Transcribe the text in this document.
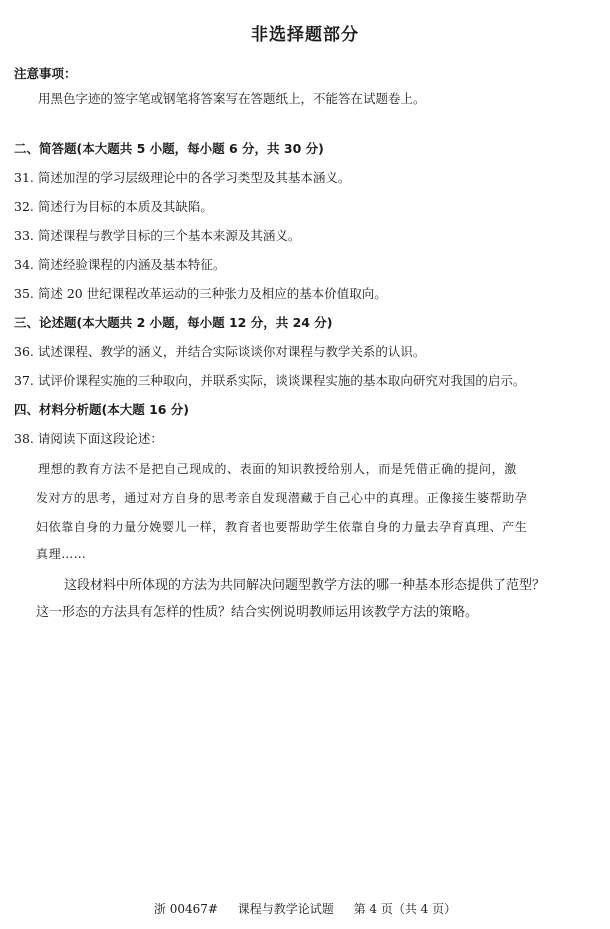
非选择题部分
注意事项：
用黑色字迹的签字笔或钢笔将答案写在答题纸上，不能答在试题卷上。
二、简答题(本大题共 5 小题，每小题 6 分，共 30 分)
31. 简述加涅的学习层级理论中的各学习类型及其基本涵义。
32. 简述行为目标的本质及其缺陷。
33. 简述课程与教学目标的三个基本来源及其涵义。
34. 简述经验课程的内涵及基本特征。
35. 简述 20 世纪课程改革运动的三种张力及相应的基本价值取向。
三、论述题(本大题共 2 小题，每小题 12 分，共 24 分)
36. 试述课程、教学的涵义，并结合实际谈谈你对课程与教学关系的认识。
37. 试评价课程实施的三种取向，并联系实际，谈谈课程实施的基本取向研究对我国的启示。
四、材料分析题(本大题 16 分)
38. 请阅读下面这段论述：
理想的教育方法不是把自己现成的、表面的知识教授给别人，而是凭借正确的提问，激
发对方的思考，通过对方自身的思考亲自发现潜藏于自己心中的真理。正像接生婆帮助孕
妇依靠自身的力量分娩婴儿一样，教育者也要帮助学生依靠自身的力量去孕育真理、产生
真理……
这段材料中所体现的方法为共同解决问题型教学方法的哪一种基本形态提供了范型？
这一形态的方法具有怎样的性质？结合实例说明教师运用该教学方法的策略。
浙 00467# 课程与教学论试题 第 4 页（共 4 页）
